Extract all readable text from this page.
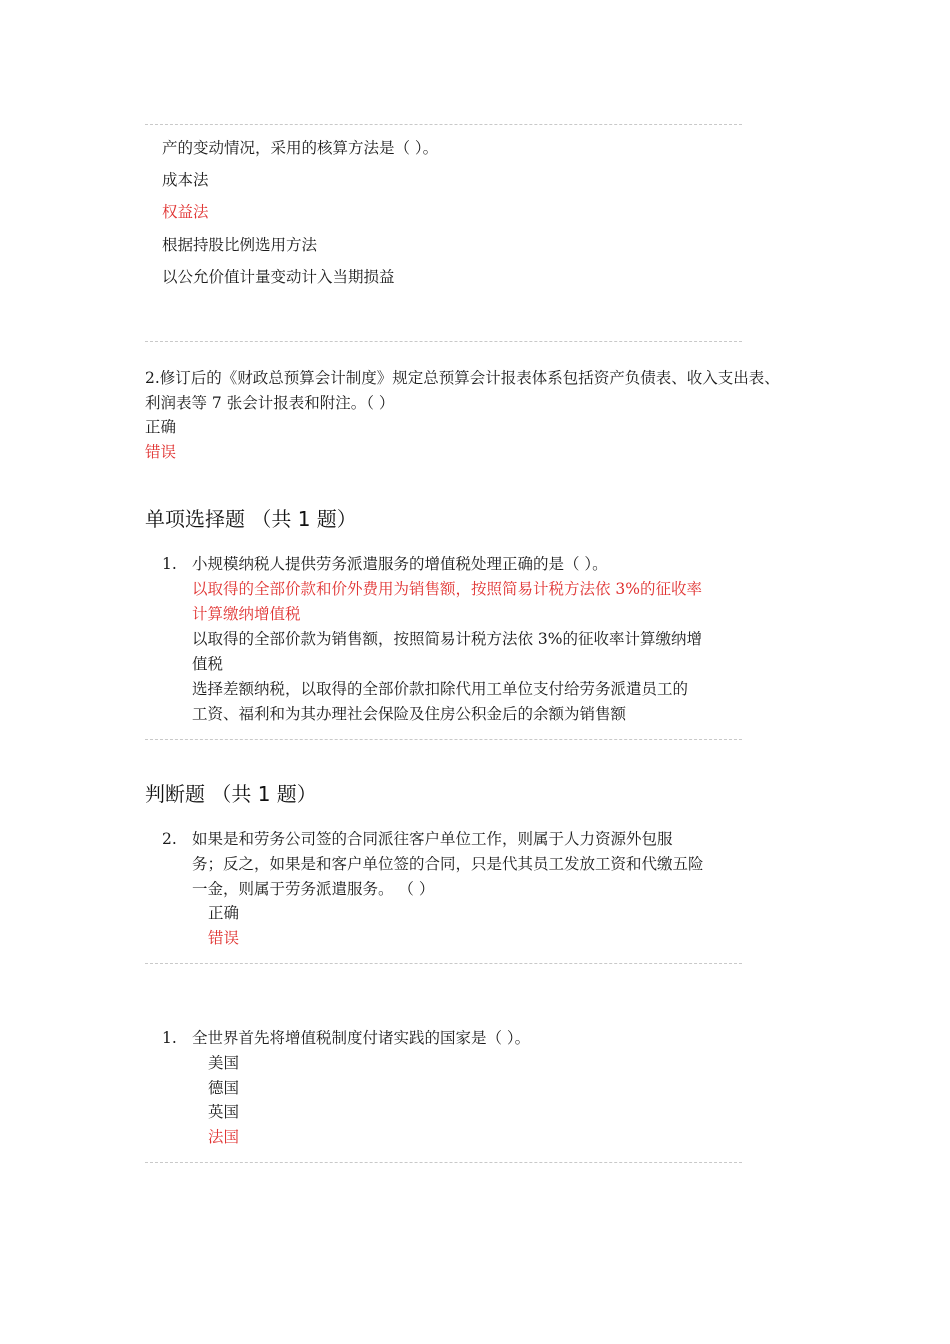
产的变动情况，采用的核算方法是（ ）。
成本法
权益法
根据持股比例选用方法
以公允价值计量变动计入当期损益
2.修订后的《财政总预算会计制度》规定总预算会计报表体系包括资产负债表、收入支出表、
利润表等 7 张会计报表和附注。（ ）
正确
错误
单项选择题 （共 1 题）
1. 小规模纳税人提供劳务派遣服务的增值税处理正确的是（ ）。
以取得的全部价款和价外费用为销售额，按照简易计税方法依 3%的征收率
计算缴纳增值税
以取得的全部价款为销售额，按照简易计税方法依 3%的征收率计算缴纳增
值税
选择差额纳税，以取得的全部价款扣除代用工单位支付给劳务派遣员工的
工资、福利和为其办理社会保险及住房公积金后的余额为销售额
判断题 （共 1 题）
2. 如果是和劳务公司签的合同派往客户单位工作，则属于人力资源外包服
务；反之，如果是和客户单位签的合同，只是代其员工发放工资和代缴五险
一金，则属于劳务派遣服务。 （ ）
正确
错误
1. 全世界首先将增值税制度付诸实践的国家是（ ）。
美国
德国
英国
法国
